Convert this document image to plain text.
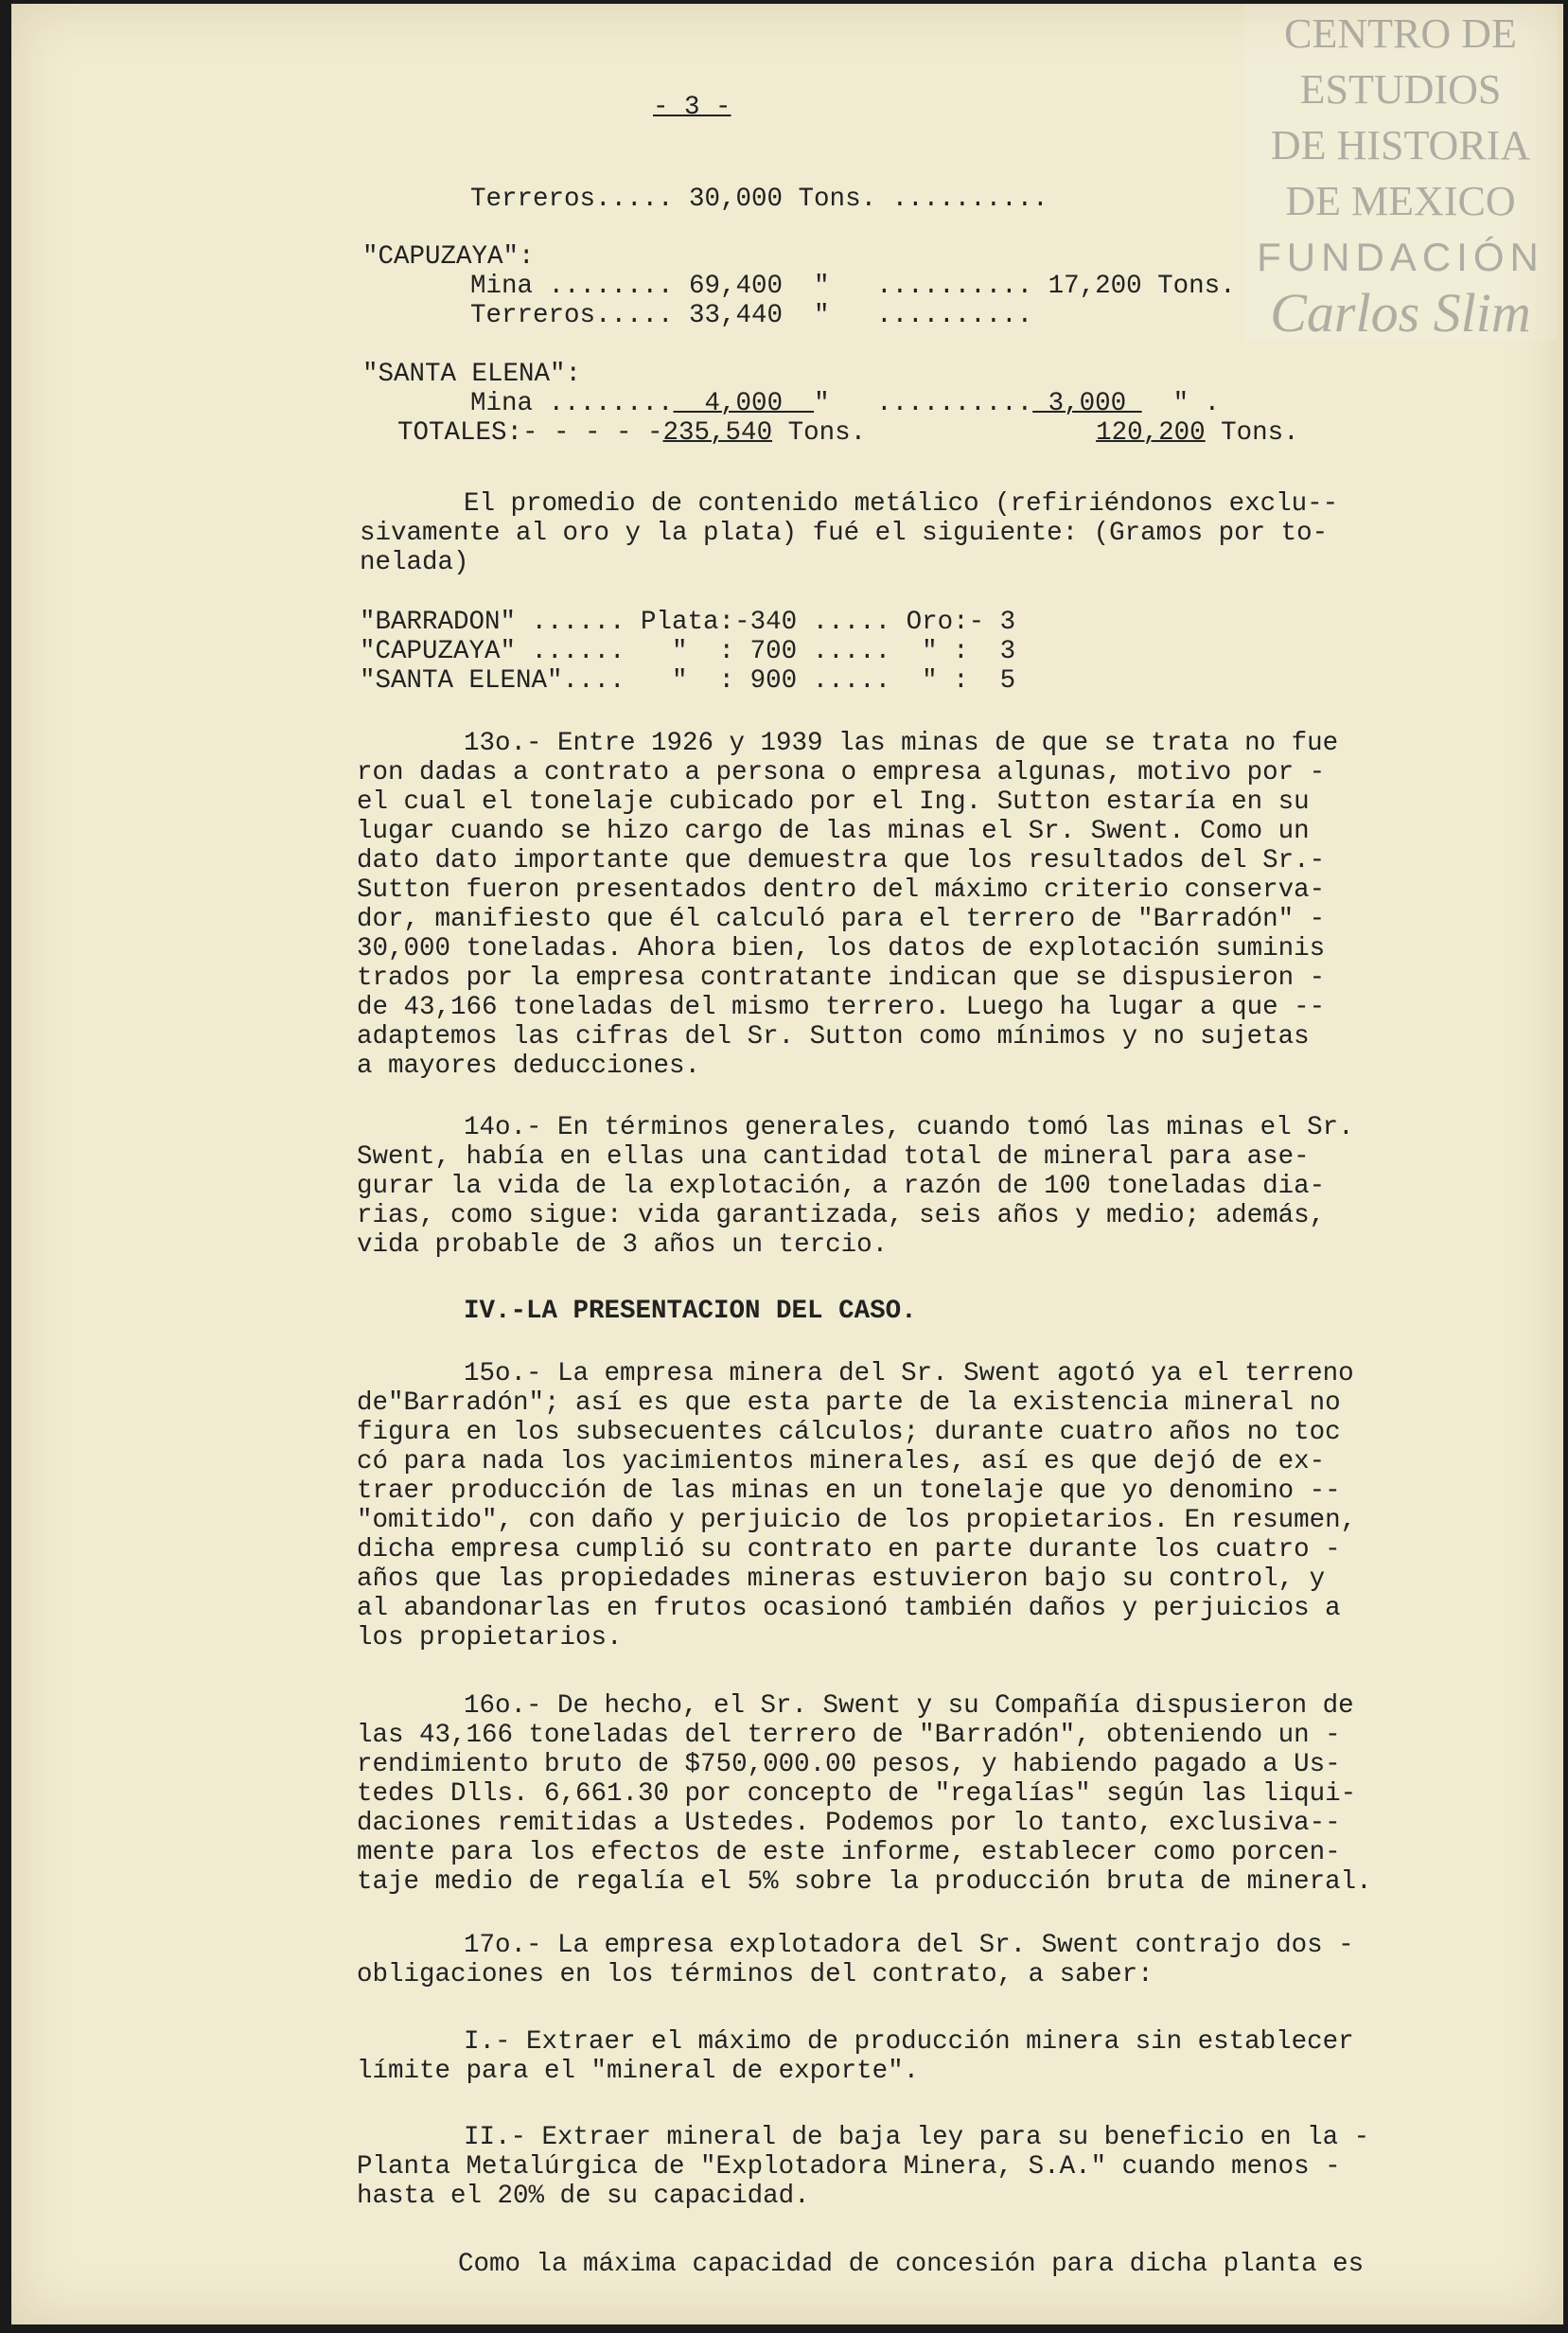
CENTRO DE
ESTUDIOS
DE HISTORIA
DE MEXICO
FUNDACIÓN
Carlos Slim
- 3 -
Terreros..... 30,000 Tons. ..........
"CAPUZAYA":
Mina ........ 69,400  "   .......... 17,200 Tons.
Terreros..... 33,440  "   ..........
"SANTA ELENA":
Mina ........  4,000  "   .......... 3,000   " .
TOTALES:- - - - -235,540 Tons.	120,200 Tons.
El promedio de contenido metálico (refiriéndonos exclu--
sivamente al oro y la plata) fué el siguiente: (Gramos por to-
nelada)
"BARRADON" ...... Plata:-340 ..... Oro:- 3
"CAPUZAYA" ......   "  : 700 .....  " :  3
"SANTA ELENA"....   "  : 900 .....  " :  5
13o.- Entre 1926 y 1939 las minas de que se trata no fue
ron dadas a contrato a persona o empresa algunas, motivo por -
el cual el tonelaje cubicado por el Ing. Sutton estaría en su
lugar cuando se hizo cargo de las minas el Sr. Swent. Como un
dato dato importante que demuestra que los resultados del Sr.-
Sutton fueron presentados dentro del máximo criterio conserva-
dor, manifiesto que él calculó para el terrero de "Barradón" -
30,000 toneladas. Ahora bien, los datos de explotación suminis
trados por la empresa contratante indican que se dispusieron -
de 43,166 toneladas del mismo terrero. Luego ha lugar a que --
adaptemos las cifras del Sr. Sutton como mínimos y no sujetas
a mayores deducciones.
14o.- En términos generales, cuando tomó las minas el Sr.
Swent, había en ellas una cantidad total de mineral para ase-
gurar la vida de la explotación, a razón de 100 toneladas dia-
rias, como sigue: vida garantizada, seis años y medio; además,
vida probable de 3 años un tercio.
IV.-LA PRESENTACION DEL CASO.
15o.- La empresa minera del Sr. Swent agotó ya el terreno
de"Barradón"; así es que esta parte de la existencia mineral no
figura en los subsecuentes cálculos; durante cuatro años no toc
có para nada los yacimientos minerales, así es que dejó de ex-
traer producción de las minas en un tonelaje que yo denomino --
"omitido", con daño y perjuicio de los propietarios. En resumen,
dicha empresa cumplió su contrato en parte durante los cuatro -
años que las propiedades mineras estuvieron bajo su control, y
al abandonarlas en frutos ocasionó también daños y perjuicios a
los propietarios.
16o.- De hecho, el Sr. Swent y su Compañía dispusieron de
las 43,166 toneladas del terrero de "Barradón", obteniendo un -
rendimiento bruto de $750,000.00 pesos, y habiendo pagado a Us-
tedes Dlls. 6,661.30 por concepto de "regalías" según las liqui-
daciones remitidas a Ustedes. Podemos por lo tanto, exclusiva--
mente para los efectos de este informe, establecer como porcen-
taje medio de regalía el 5% sobre la producción bruta de mineral.
17o.- La empresa explotadora del Sr. Swent contrajo dos -
obligaciones en los términos del contrato, a saber:
I.- Extraer el máximo de producción minera sin establecer
límite para el "mineral de exporte".
II.- Extraer mineral de baja ley para su beneficio en la -
Planta Metalúrgica de "Explotadora Minera, S.A." cuando menos -
hasta el 20% de su capacidad.
Como la máxima capacidad de concesión para dicha planta es
